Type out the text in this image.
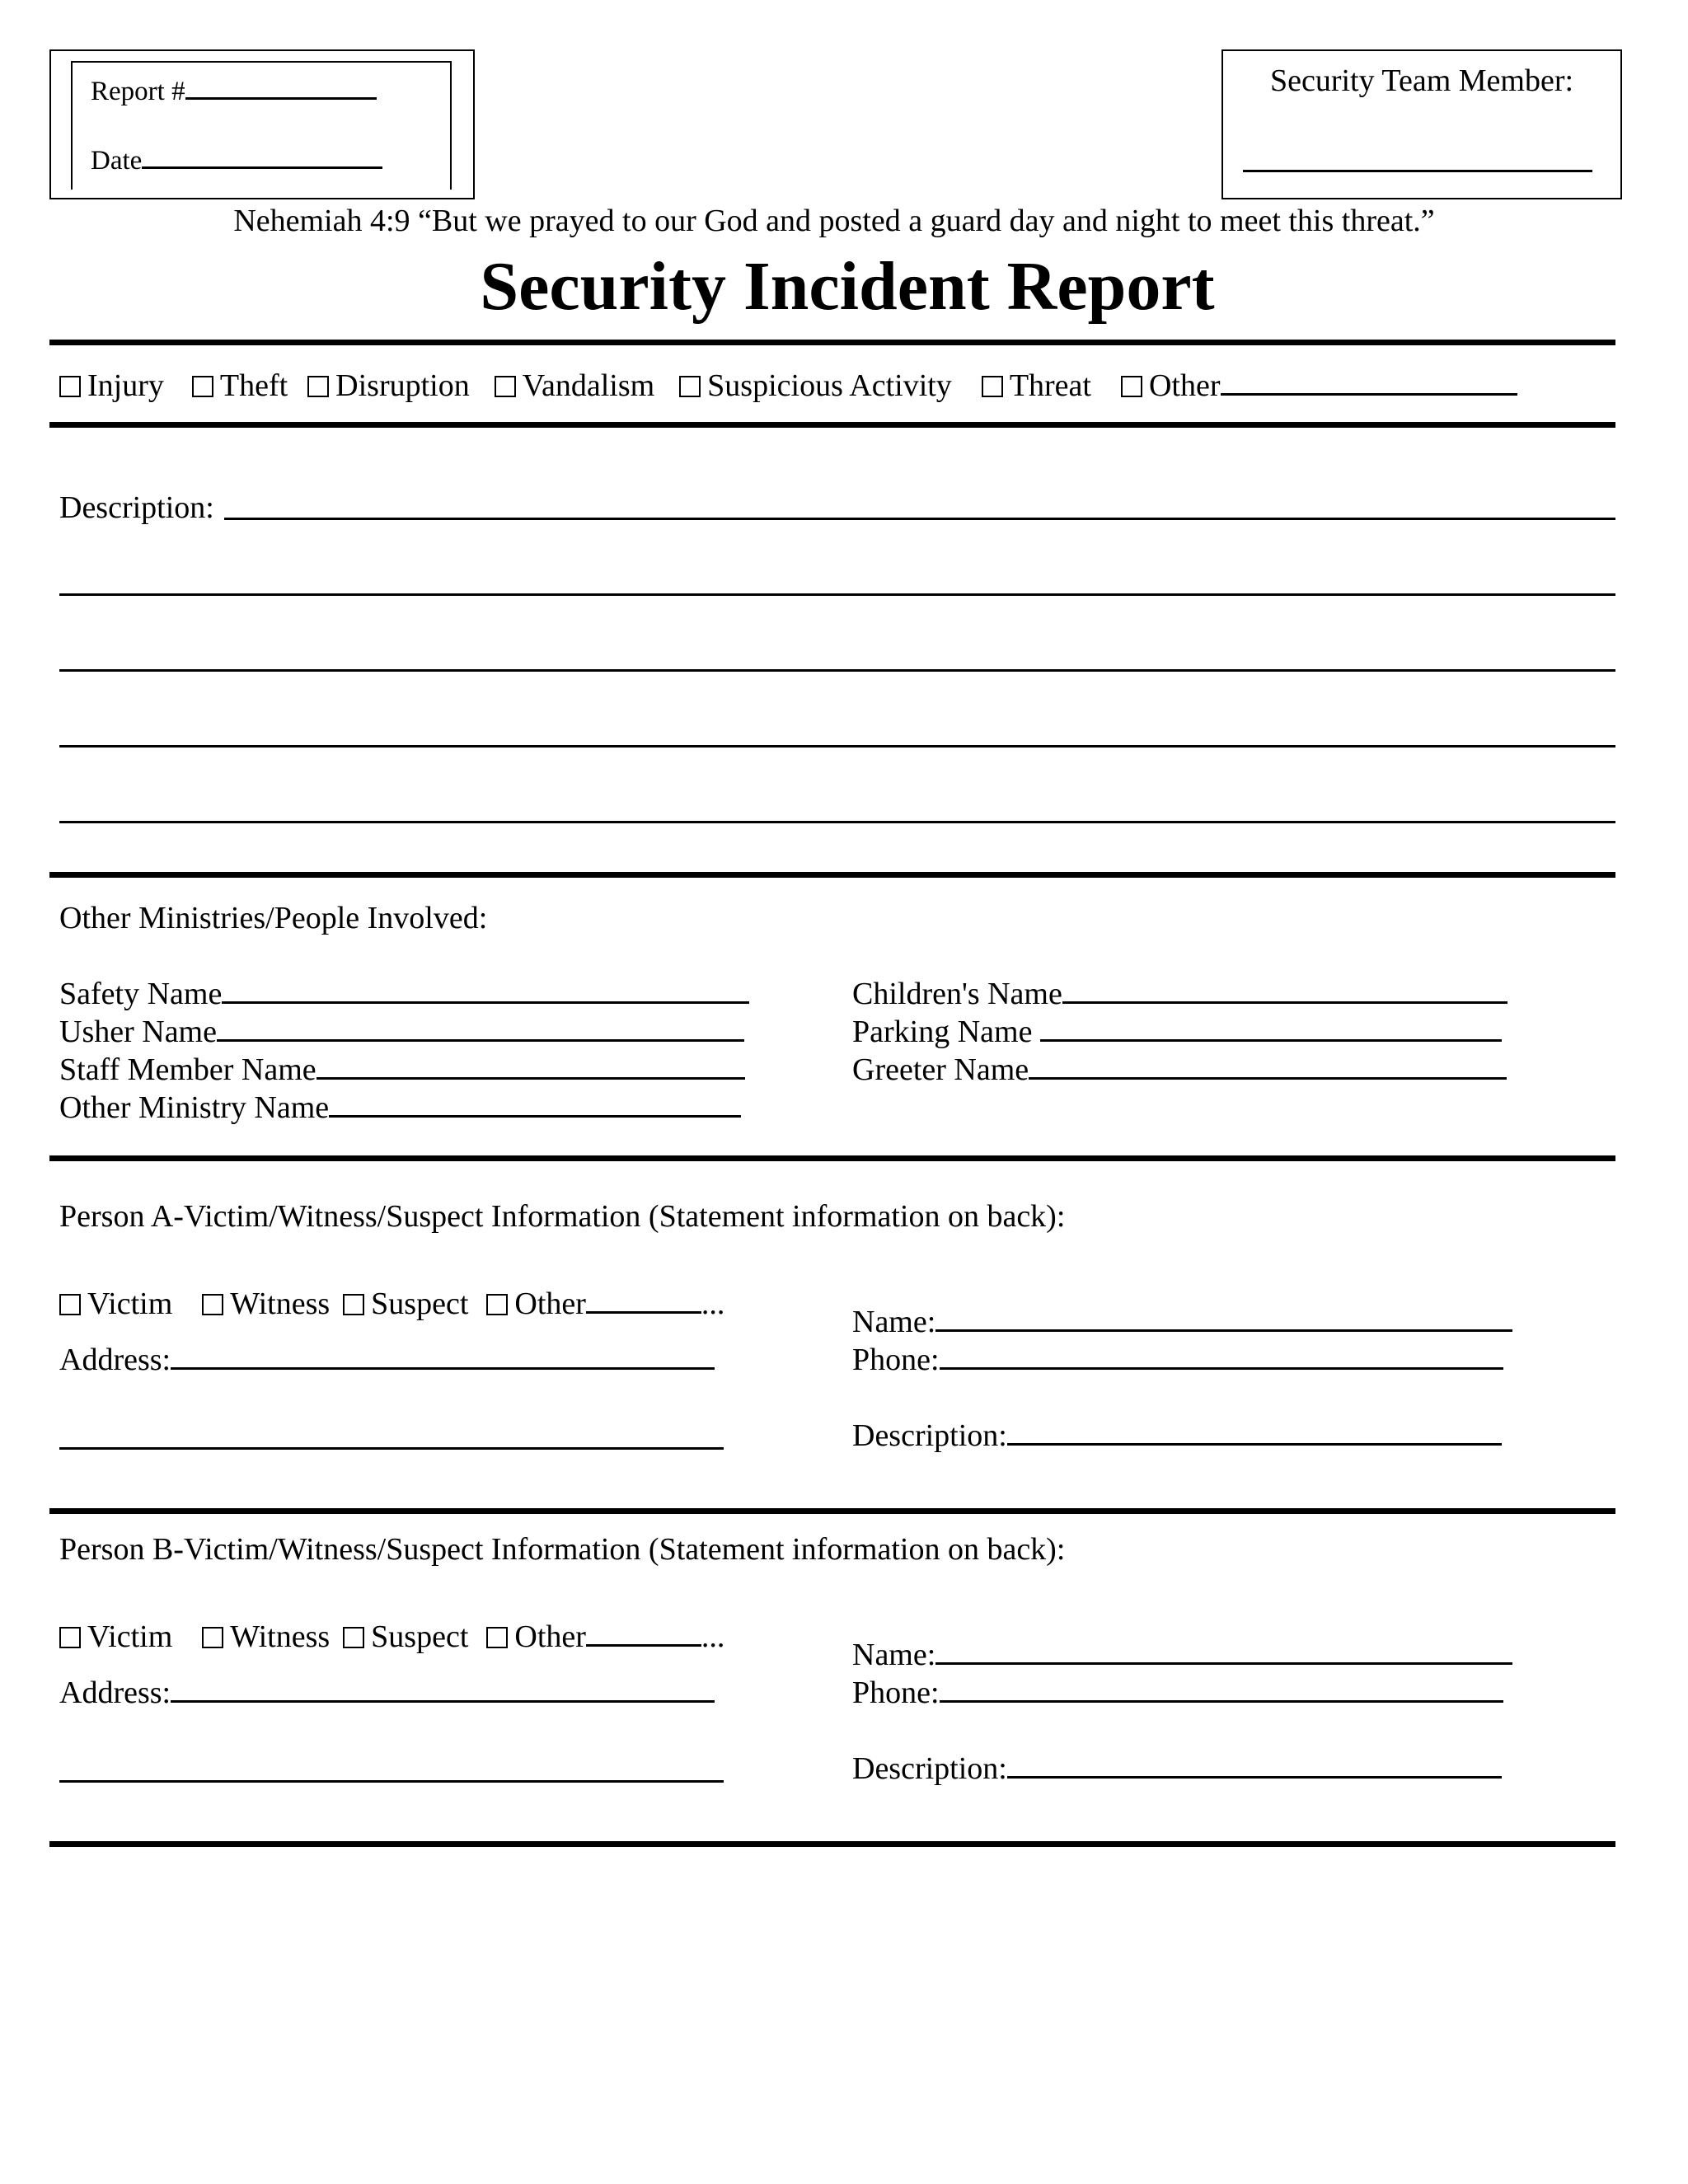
Report #
Date
Security Team Member:
Nehemiah 4:9 “But we prayed to our God and posted a guard day and night to meet this threat.”
Security Incident Report
Injury Theft Disruption Vandalism Suspicious Activity Threat Other
Description:
Other Ministries/People Involved:
Safety Name
Usher Name
Staff Member Name
Other Ministry Name
Children's Name
Parking Name
Greeter Name
Person A-Victim/Witness/Suspect Information (Statement information on back):
Victim Witness Suspect Other	...
Address:
Name:
Phone:
Description:
Person B-Victim/Witness/Suspect Information (Statement information on back):
Victim Witness Suspect Other	...
Address:
Name:
Phone:
Description:
